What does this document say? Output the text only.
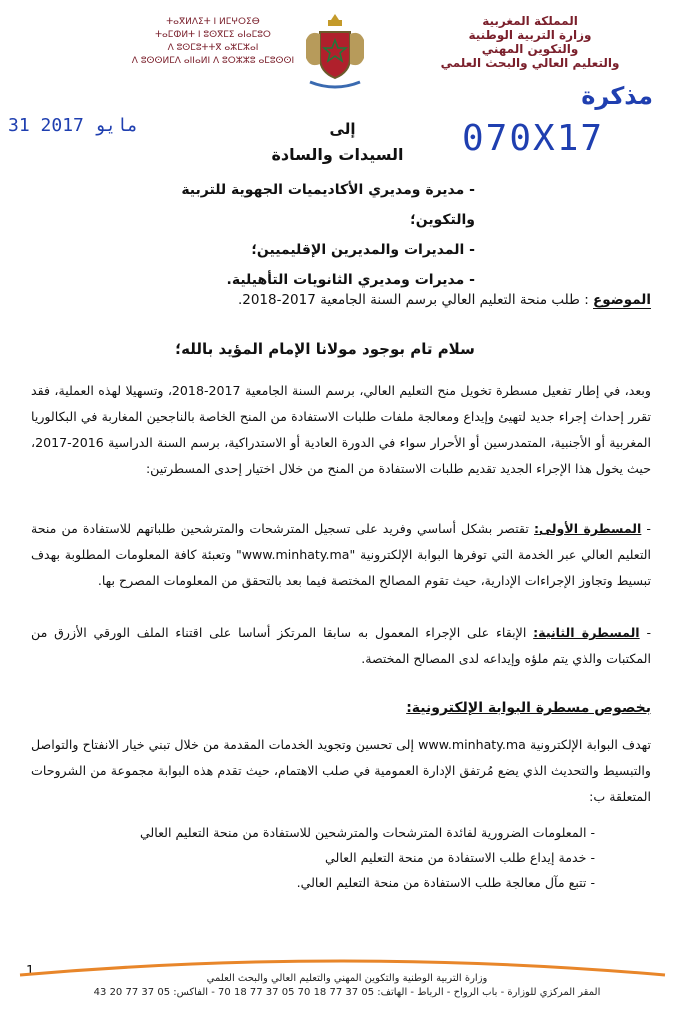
ⵜⴰⴳⵍⴷⵉⵜ ⵏ ⵍⵎⵖⵔⵉⴱ
ⵜⴰⵎⵀⵍⵜ ⵏ ⵓⵙⴳⵎⵉ ⴰⵏⴰⵎⵓⵔ
ⴷ ⵓⵙⵎⵓⵜⵜⴳ ⴰⵣⵎⵣⴰⵏ
ⴷ ⵓⵙⵙⵍⵎⴷ ⴰⵏⵏⴰⵍⵏ ⴷ ⵓⵔⵣⵣⵓ ⴰⵎⵓⵙⵙⵏ
المملكة المغربية
وزارة التربية الوطنية
والتكوين المهني
والتعليم العالي والبحث العلمي
مذكرة
070X17
31 مايو 2017	إلى
السيدات والسادة
- مديرة ومديري الأكاديميات الجهوية للتربية والتكوين؛
- المديرات والمديرين الإقليميين؛
- مديرات ومديري الثانويات التأهيلية.
الموضوع : طلب منحة التعليم العالي برسم السنة الجامعية 2017-2018.
سلام تام بوجود مولانا الإمام المؤيد بالله؛
وبعد، في إطار تفعيل مسطرة تخويل منح التعليم العالي، برسم السنة الجامعية 2017-2018، وتسهيلا لهذه العملية، فقد تقرر إحداث إجراء جديد لتهيئ وإيداع ومعالجة ملفات طلبات الاستفادة من المنح الخاصة بالناجحين المغاربة في البكالوريا المغربية أو الأجنبية، المتمدرسين أو الأحرار سواء في الدورة العادية أو الاستدراكية، برسم السنة الدراسية 2016-2017، حيث يخول هذا الإجراء الجديد تقديم طلبات الاستفادة من المنح من خلال اختيار إحدى المسطرتين:
- المسطرة الأولى: تقتصر بشكل أساسي وفريد على تسجيل المترشحات والمترشحين طلباتهم للاستفادة من منحة التعليم العالي عبر الخدمة التي توفرها البوابة الإلكترونية "www.minhaty.ma" وتعبئة كافة المعلومات المطلوبة بهدف تبسيط وتجاوز الإجراءات الإدارية، حيث تقوم المصالح المختصة فيما بعد بالتحقق من المعلومات المصرح بها.
- المسطرة الثانية: الإبقاء على الإجراء المعمول به سابقا المرتكز أساسا على اقتناء الملف الورقي الأزرق من المكتبات والذي يتم ملؤه وإيداعه لدى المصالح المختصة.
بخصوص مسطرة البوابة الإلكترونية:
تهدف البوابة الإلكترونية www.minhaty.ma إلى تحسين وتجويد الخدمات المقدمة من خلال تبني خيار الانفتاح والتواصل والتبسيط والتحديث الذي يضع مُرتفق الإدارة العمومية في صلب الاهتمام، حيث تقدم هذه البوابة مجموعة من الشروحات المتعلقة ب:
- المعلومات الضرورية لفائدة المترشحات والمترشحين للاستفادة من منحة التعليم العالي
- خدمة إيداع طلب الاستفادة من منحة التعليم العالي
- تتبع مآل معالجة طلب الاستفادة من منحة التعليم العالي.
1	وزارة التربية الوطنية والتكوين المهني والتعليم العالي والبحث العلمي
المقر المركزي للوزارة - باب الرواح - الرباط - الهاتف: 05 37 77 18 70 05 37 77 18 70 - الفاكس: 05 37 77 20 43
